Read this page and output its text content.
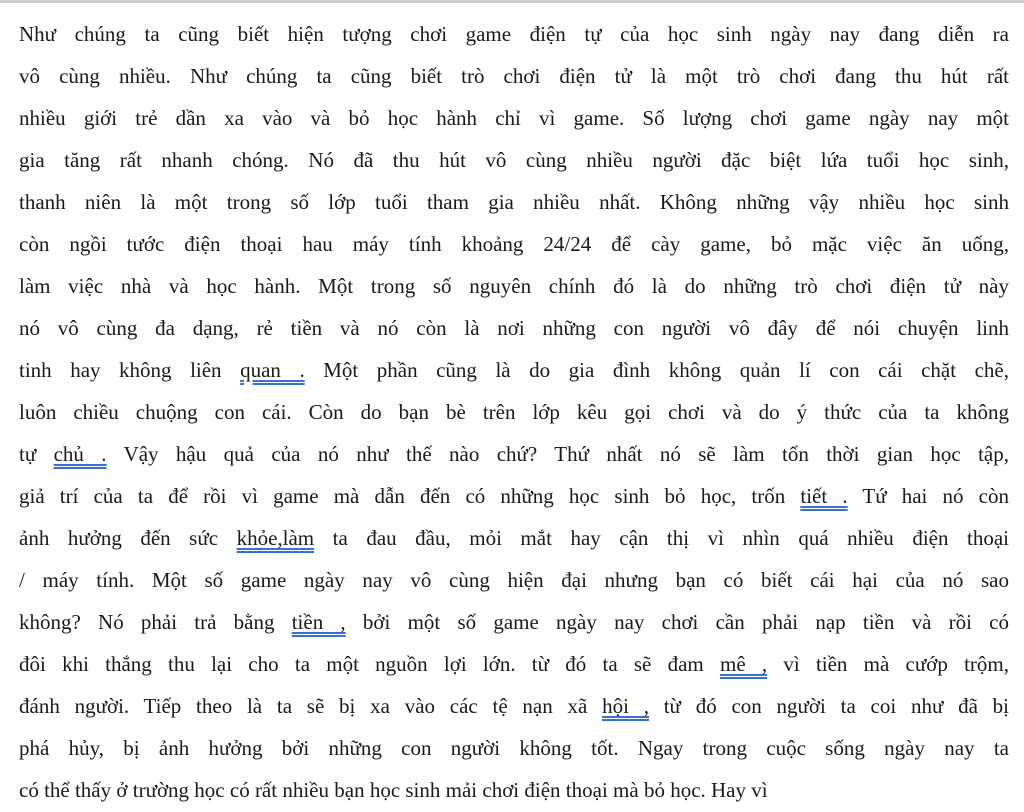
Như chúng ta cũng biết hiện tượng chơi game điện tự của học sinh ngày nay đang diễn ra
vô cùng nhiều. Như chúng ta cũng biết trò chơi điện tử là một trò chơi đang thu hút rất
nhiều giới trẻ dần xa vào và bỏ học hành chỉ vì game. Số lượng chơi game ngày nay một
gia tăng rất nhanh chóng. Nó đã thu hút vô cùng nhiều người đặc biệt lứa tuổi học sinh,
thanh niên là một trong số lớp tuổi tham gia nhiều nhất. Không những vậy nhiều học sinh
còn ngồi tước điện thoại hau máy tính khoảng 24/24 để cày game, bỏ mặc việc ăn uống,
làm việc nhà và học hành. Một trong số nguyên chính đó là do những trò chơi điện tử này
nó vô cùng đa dạng, rẻ tiền và nó còn là nơi những con người vô đây để nói chuyện linh
tinh hay không liên quan . Một phần cũng là do gia đình không quản lí con cái chặt chẽ,
luôn chiều chuộng con cái. Còn do bạn bè trên lớp kêu gọi chơi và do ý thức của ta không
tự chủ . Vậy hậu quả của nó như thế nào chứ? Thứ nhất nó sẽ làm tốn thời gian học tập,
giả trí của ta để rồi vì game mà dẫn đến có những học sinh bỏ học, trốn tiết . Tứ hai nó còn
ảnh hưởng đến sức khỏe,làm ta đau đầu, mỏi mắt hay cận thị vì nhìn quá nhiều điện thoại
/ máy tính. Một số game ngày nay vô cùng hiện đại nhưng bạn có biết cái hại của nó sao
không? Nó phải trả bằng tiền , bởi một số game ngày nay chơi cần phải nạp tiền và rồi có
đôi khi thắng thu lại cho ta một nguồn lợi lớn. từ đó ta sẽ đam mê , vì tiền mà cướp trộm,
đánh người. Tiếp theo là ta sẽ bị xa vào các tệ nạn xã hội , từ đó con người ta coi như đã bị
phá hủy, bị ảnh hưởng bởi những con người không tốt. Ngay trong cuộc sống ngày nay ta
có thể thấy ở trường học có rất nhiều bạn học sinh mải chơi điện thoại mà bỏ học. Hay vì
